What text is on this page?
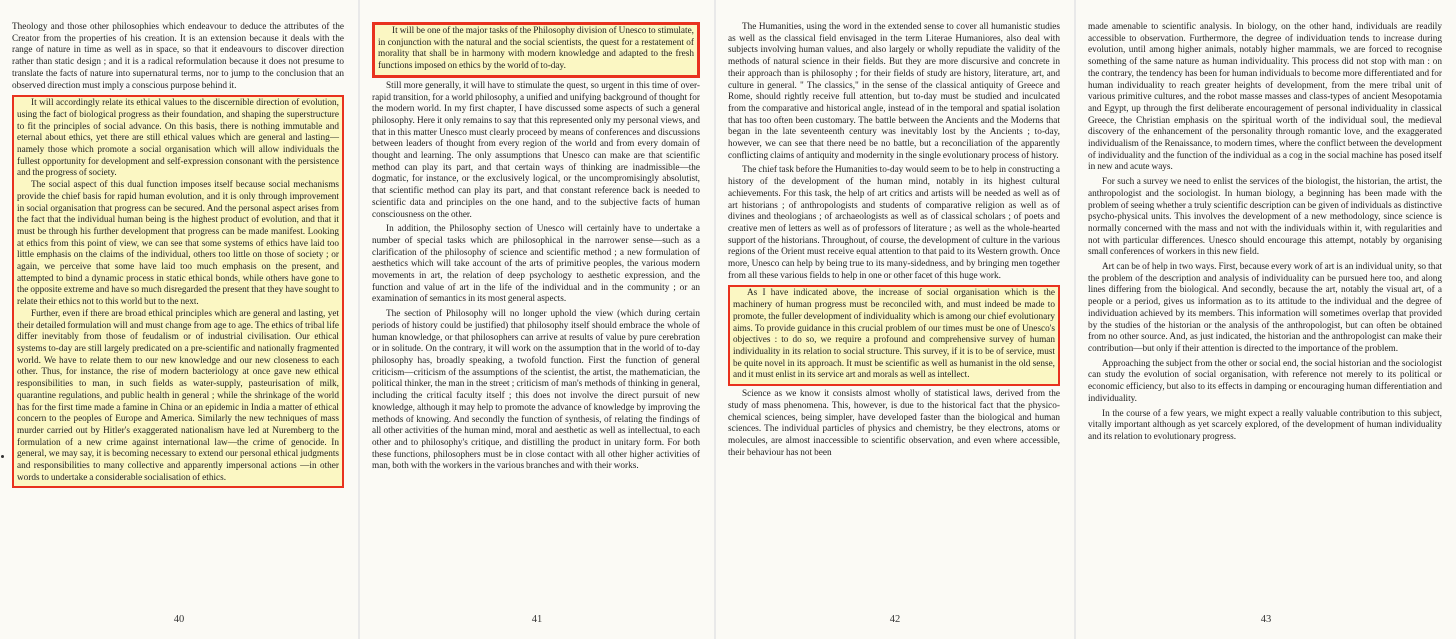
Theology and those other philosophies which endeavour to deduce the attributes of the Creator from the properties of his creation. It is an extension because it deals with the range of nature in time as well as in space, so that it endeavours to discover direction rather than static design ; and it is a radical reformulation because it does not presume to translate the facts of nature into supernatural terms, nor to jump to the conclusion that an observed direction must imply a conscious purpose behind it.

It will accordingly relate its ethical values to the discernible direction of evolution, using the fact of biological progress as their foundation, and shaping the superstructure to fit the principles of social advance. On this basis, there is nothing immutable and eternal about ethics, yet there are still ethical values which are general and lasting—namely those which promote a social organisation which will allow individuals the fullest opportunity for development and self-expression consonant with the persistence and the progress of society.

The social aspect of this dual function imposes itself because social mechanisms provide the chief basis for rapid human evolution, and it is only through improvement in social organisation that progress can be secured. And the personal aspect arises from the fact that the individual human being is the highest product of evolution, and that it must be through his further development that progress can be made manifest. Looking at ethics from this point of view, we can see that some systems of ethics have laid too little emphasis on the claims of the individual, others too little on those of society ; or again, we perceive that some have laid too much emphasis on the present, and attempted to bind a dynamic process in static ethical bonds, while others have gone to the opposite extreme and have so much disregarded the present that they have sought to relate their ethics not to this world but to the next.

Further, even if there are broad ethical principles which are general and lasting, yet their detailed formulation will and must change from age to age. The ethics of tribal life differ inevitably from those of feudalism or of industrial civilisation. Our ethical systems to-day are still largely predicated on a pre-scientific and nationally fragmented world. We have to relate them to our new knowledge and our new closeness to each other. Thus, for instance, the rise of modern bacteriology at once gave new ethical responsibilities to man, in such fields as water-supply, pasteurisation of milk, quarantine regulations, and public health in general ; while the shrinkage of the world has for the first time made a famine in China or an epidemic in India a matter of ethical concern to the peoples of Europe and America. Similarly the new techniques of mass murder carried out by Hitler's exaggerated nationalism have led at Nuremberg to the formulation of a new crime against international law—the crime of genocide. In general, we may say, it is becoming necessary to extend our personal ethical judgments and responsibilities to many collective and apparently impersonal actions —in other words to undertake a considerable socialisation of ethics.

40

It will be one of the major tasks of the Philosophy division of Unesco to stimulate, in conjunction with the natural and the social scientists, the quest for a restatement of morality that shall be in harmony with modern knowledge and adapted to the fresh functions imposed on ethics by the world of to-day.

Still more generally, it will have to stimulate the quest, so urgent in this time of over-rapid transition, for a world philosophy, a unified and unifying background of thought for the modern world. In my first chapter, I have discussed some aspects of such a general philosophy. Here it only remains to say that this represented only my personal views, and that in this matter Unesco must clearly proceed by means of conferences and discussions between leaders of thought from every region of the world and from every domain of thought and learning. The only assumptions that Unesco can make are that scientific method can play its part, and that certain ways of thinking are inadmissible—the dogmatic, for instance, or the exclusively logical, or the uncompromisingly absolutist, that scientific method can play its part, and that constant reference back is needed to scientific data and principles on the one hand, and to the subjective facts of human consciousness on the other.

In addition, the Philosophy section of Unesco will certainly have to undertake a number of special tasks which are philosophical in the narrower sense—such as a clarification of the philosophy of science and scientific method ; a new formulation of aesthetics which will take account of the arts of primitive peoples, the various modern movements in art, the relation of deep psychology to aesthetic expression, and the function and value of art in the life of the individual and in the community ; or an examination of semantics in its most general aspects.

The section of Philosophy will no longer uphold the view (which during certain periods of history could be justified) that philosophy itself should embrace the whole of human knowledge, or that philosophers can arrive at results of value by pure cerebration or in solitude. On the contrary, it will work on the assumption that in the world of to-day philosophy has, broadly speaking, a twofold function. First the function of general criticism—criticism of the assumptions of the scientist, the artist, the mathematician, the political thinker, the man in the street ; criticism of man's methods of thinking in general, including the critical faculty itself ; this does not involve the direct pursuit of new knowledge, although it may help to promote the advance of knowledge by improving the methods of knowing. And secondly the function of synthesis, of relating the findings of all other activities of the human mind, moral and aesthetic as well as intellectual, to each other and to philosophy's critique, and distilling the product in unitary form. For both these functions, philosophers must be in close contact with all other higher activities of man, both with the workers in the various branches and with their works.

41

The Humanities, using the word in the extended sense to cover all humanistic studies as well as the classical field envisaged in the term Literae Humaniores, also deal with subjects involving human values, and also largely or wholly repudiate the validity of the methods of natural science in their fields. But they are more discursive and concrete in their approach than is philosophy ; for their fields of study are history, literature, art, and culture in general. " The classics," in the sense of the classical antiquity of Greece and Rome, should rightly receive full attention, but to-day must be studied and inculcated from the comparative and historical angle, instead of in the temporal and spatial isolation that has too often been customary. The battle between the Ancients and the Moderns that began in the late seventeenth century was inevitably lost by the Ancients ; to-day, however, we can see that there need be no battle, but a reconciliation of the apparently conflicting claims of antiquity and modernity in the single evolutionary process of history.

The chief task before the Humanities to-day would seem to be to help in constructing a history of the development of the human mind, notably in its highest cultural achievements. For this task, the help of art critics and artists will be needed as well as of art historians ; of anthropologists and students of comparative religion as well as of divines and theologians ; of archaeologists as well as of classical scholars ; of poets and creative men of letters as well as of professors of literature ; as well as the whole-hearted support of the historians. Throughout, of course, the development of culture in the various regions of the Orient must receive equal attention to that paid to its Western growth. Once more, Unesco can help by being true to its many-sidedness, and by bringing men together from all these various fields to help in one or other facet of this huge work.

As I have indicated above, the increase of social organisation which is the machinery of human progress must be reconciled with, and must indeed be made to promote, the fuller development of individuality which is among our chief evolutionary aims. To provide guidance in this crucial problem of our times must be one of Unesco's objectives : to do so, we require a profound and comprehensive survey of human individuality in its relation to social structure. This survey, if it is to be of service, must be quite novel in its approach. It must be scientific as well as humanist in the old sense, and it must enlist in its service art and morals as well as intellect.

Science as we know it consists almost wholly of statistical laws, derived from the study of mass phenomena. This, however, is due to the historical fact that the physico-chemical sciences, being simpler, have developed faster than the biological and human sciences. The individual particles of physics and chemistry, be they electrons, atoms or molecules, are almost inaccessible to scientific observation, and even where accessible, their behaviour has not been

42

made amenable to scientific analysis. In biology, on the other hand, individuals are readily accessible to observation. Furthermore, the degree of individuation tends to increase during evolution, until among higher animals, notably higher mammals, we are forced to recognise something of the same nature as human individuality. This process did not stop with man : on the contrary, the tendency has been for human individuals to become more differentiated and for human individuality to reach greater heights of development, from the mere tribal unit of various primitive cultures, and the robot masse masses and class-types of ancient Mesopotamia and Egypt, up through the first deliberate encouragement of personal individuality in classical Greece, the Christian emphasis on the spiritual worth of the individual soul, the medieval discovery of the enhancement of the personality through romantic love, and the exaggerated individualism of the Renaissance, to modern times, where the conflict between the development of individuality and the function of the individual as a cog in the social machine has posed itself in new and acute ways.

For such a survey we need to enlist the services of the biologist, the historian, the artist, the anthropologist and the sociologist. In human biology, a beginning has been made with the problem of seeing whether a truly scientific description can be given of individuals as distinctive psycho-physical units. This involves the development of a new methodology, since science is normally concerned with the mass and not with the individuals within it, with regularities and not with particular differences. Unesco should encourage this attempt, notably by organising small conferences of workers in this new field.

Art can be of help in two ways. First, because every work of art is an individual unity, so that the problem of the description and analysis of individuality can be pursued here too, and along lines differing from the biological. And secondly, because the art, notably the visual art, of a people or a period, gives us information as to its attitude to the individual and the degree of individuation achieved by its members. This information will sometimes overlap that provided by the studies of the historian or the analysis of the anthropologist, but can often be obtained from no other source. And, as just indicated, the historian and the anthropologist can make their contribution—but only if their attention is directed to the importance of the problem.

Approaching the subject from the other or social end, the social historian and the sociologist can study the evolution of social organisation, with reference not merely to its political or economic efficiency, but also to its effects in damping or encouraging human differentiation and individuality.

In the course of a few years, we might expect a really valuable contribution to this subject, vitally important although as yet scarcely explored, of the development of human individuality and its relation to evolutionary progress.

43
